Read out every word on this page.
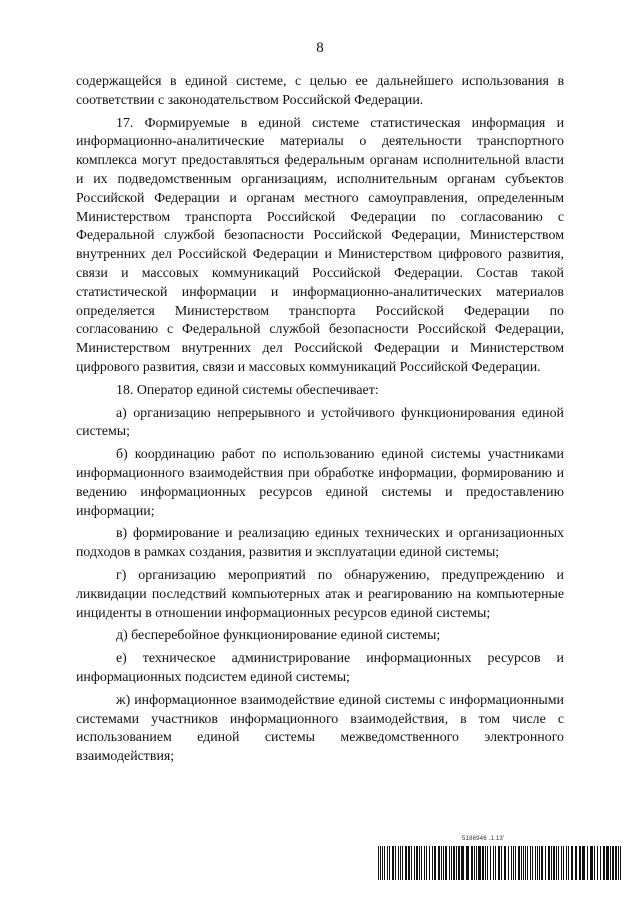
8

содержащейся в единой системе, с целью ее дальнейшего использования в соответствии с законодательством Российской Федерации.

17. Формируемые в единой системе статистическая информация и информационно-аналитические материалы о деятельности транспортного комплекса могут предоставляться федеральным органам исполнительной власти и их подведомственным организациям, исполнительным органам субъектов Российской Федерации и органам местного самоуправления, определенным Министерством транспорта Российской Федерации по согласованию с Федеральной службой безопасности Российской Федерации, Министерством внутренних дел Российской Федерации и Министерством цифрового развития, связи и массовых коммуникаций Российской Федерации. Состав такой статистической информации и информационно-аналитических материалов определяется Министерством транспорта Российской Федерации по согласованию с Федеральной службой безопасности Российской Федерации, Министерством внутренних дел Российской Федерации и Министерством цифрового развития, связи и массовых коммуникаций Российской Федерации.

18. Оператор единой системы обеспечивает:

а) организацию непрерывного и устойчивого функционирования единой системы;

б) координацию работ по использованию единой системы участниками информационного взаимодействия при обработке информации, формированию и ведению информационных ресурсов единой системы и предоставлению информации;

в) формирование и реализацию единых технических и организационных подходов в рамках создания, развития и эксплуатации единой системы;

г) организацию мероприятий по обнаружению, предупреждению и ликвидации последствий компьютерных атак и реагированию на компьютерные инциденты в отношении информационных ресурсов единой системы;

д) бесперебойное функционирование единой системы;

е) техническое администрирование информационных ресурсов и информационных подсистем единой системы;

ж) информационное взаимодействие единой системы с информационными системами участников информационного взаимодействия, в том числе с использованием единой системы межведомственного электронного взаимодействия;

5186946 .1.13'
